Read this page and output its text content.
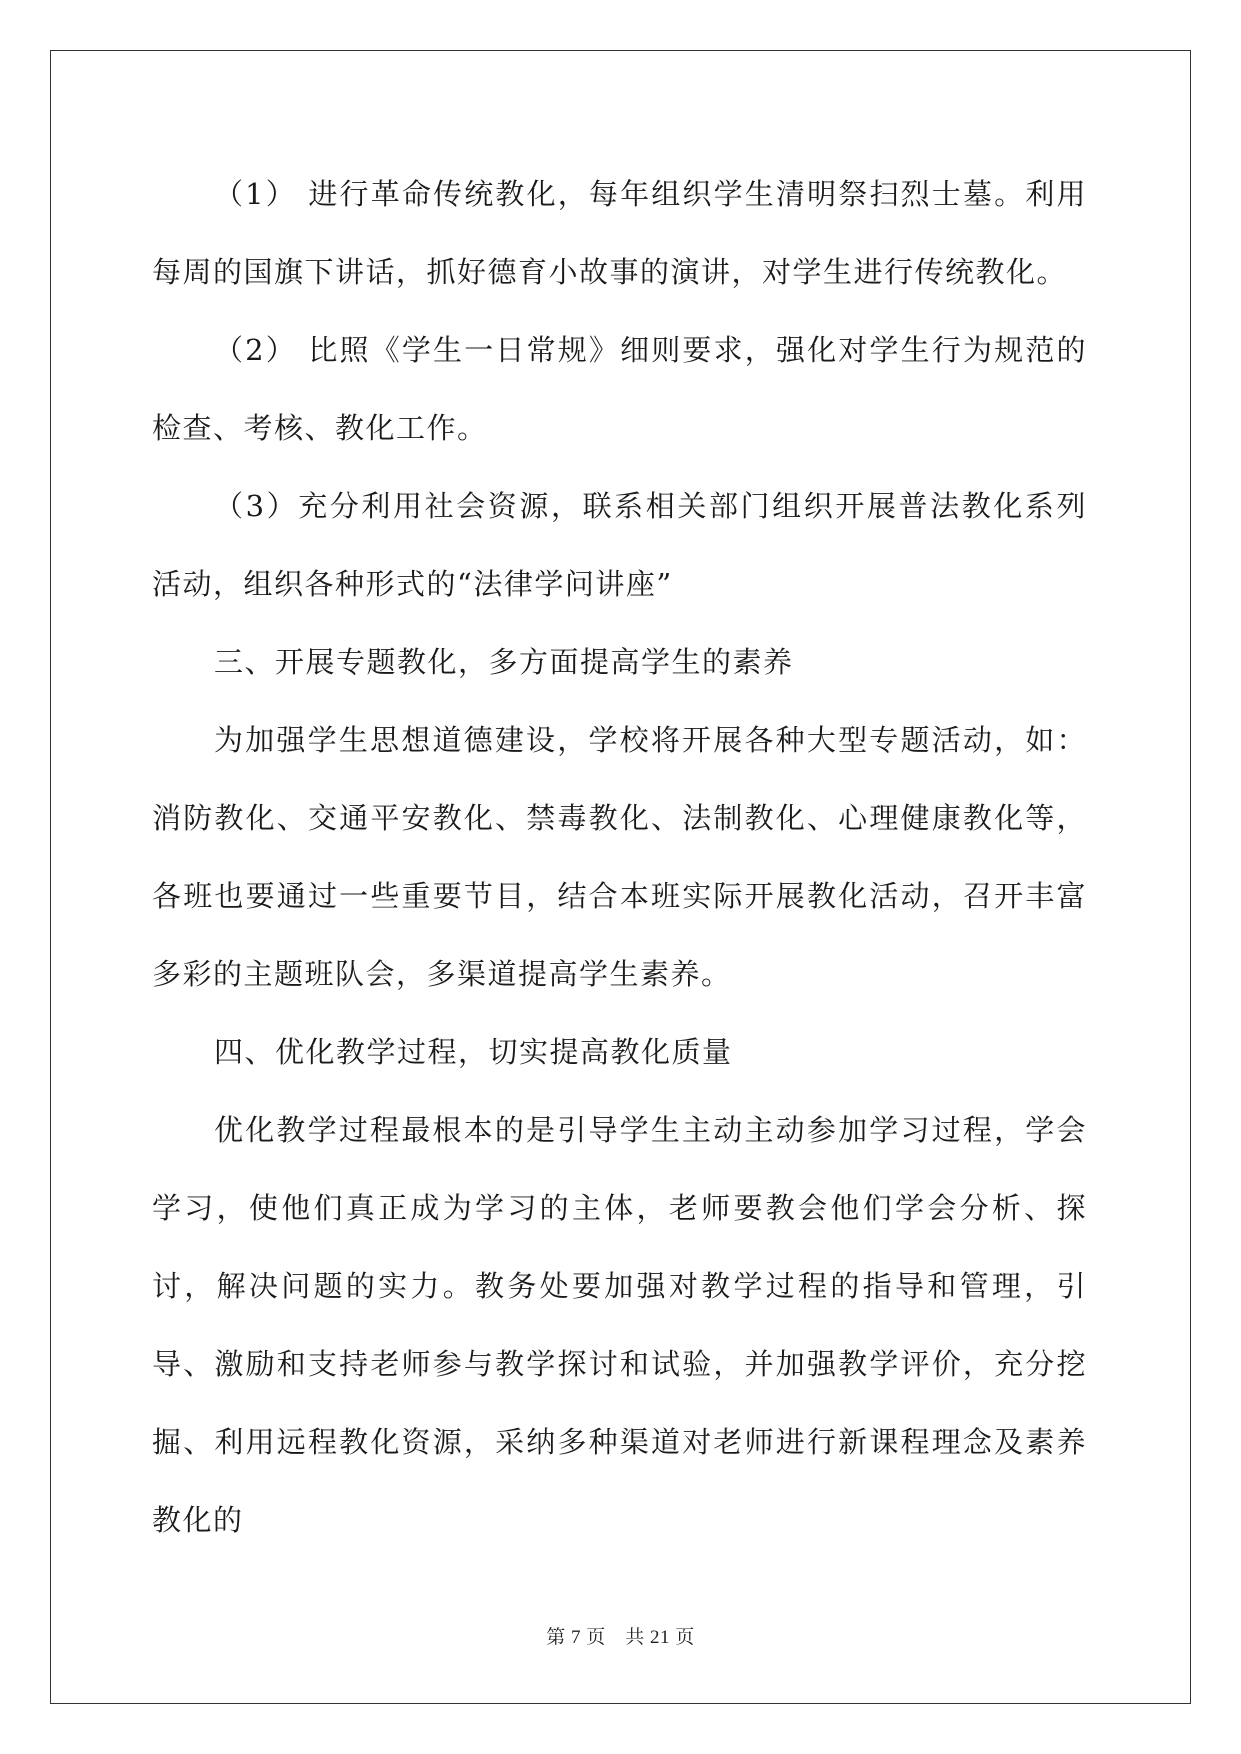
（1） 进行革命传统教化，每年组织学生清明祭扫烈士墓。利用每周的国旗下讲话，抓好德育小故事的演讲，对学生进行传统教化。

（2） 比照《学生一日常规》细则要求，强化对学生行为规范的检查、考核、教化工作。

（3）充分利用社会资源，联系相关部门组织开展普法教化系列活动，组织各种形式的“法律学问讲座”

三、开展专题教化，多方面提高学生的素养

为加强学生思想道德建设，学校将开展各种大型专题活动，如：消防教化、交通平安教化、禁毒教化、法制教化、心理健康教化等，各班也要通过一些重要节目，结合本班实际开展教化活动，召开丰富多彩的主题班队会，多渠道提高学生素养。

四、优化教学过程，切实提高教化质量

优化教学过程最根本的是引导学生主动主动参加学习过程，学会学习，使他们真正成为学习的主体，老师要教会他们学会分析、探讨，解决问题的实力。教务处要加强对教学过程的指导和管理，引导、激励和支持老师参与教学探讨和试验，并加强教学评价，充分挖掘、利用远程教化资源，采纳多种渠道对老师进行新课程理念及素养教化的

第 7 页　共 21 页
